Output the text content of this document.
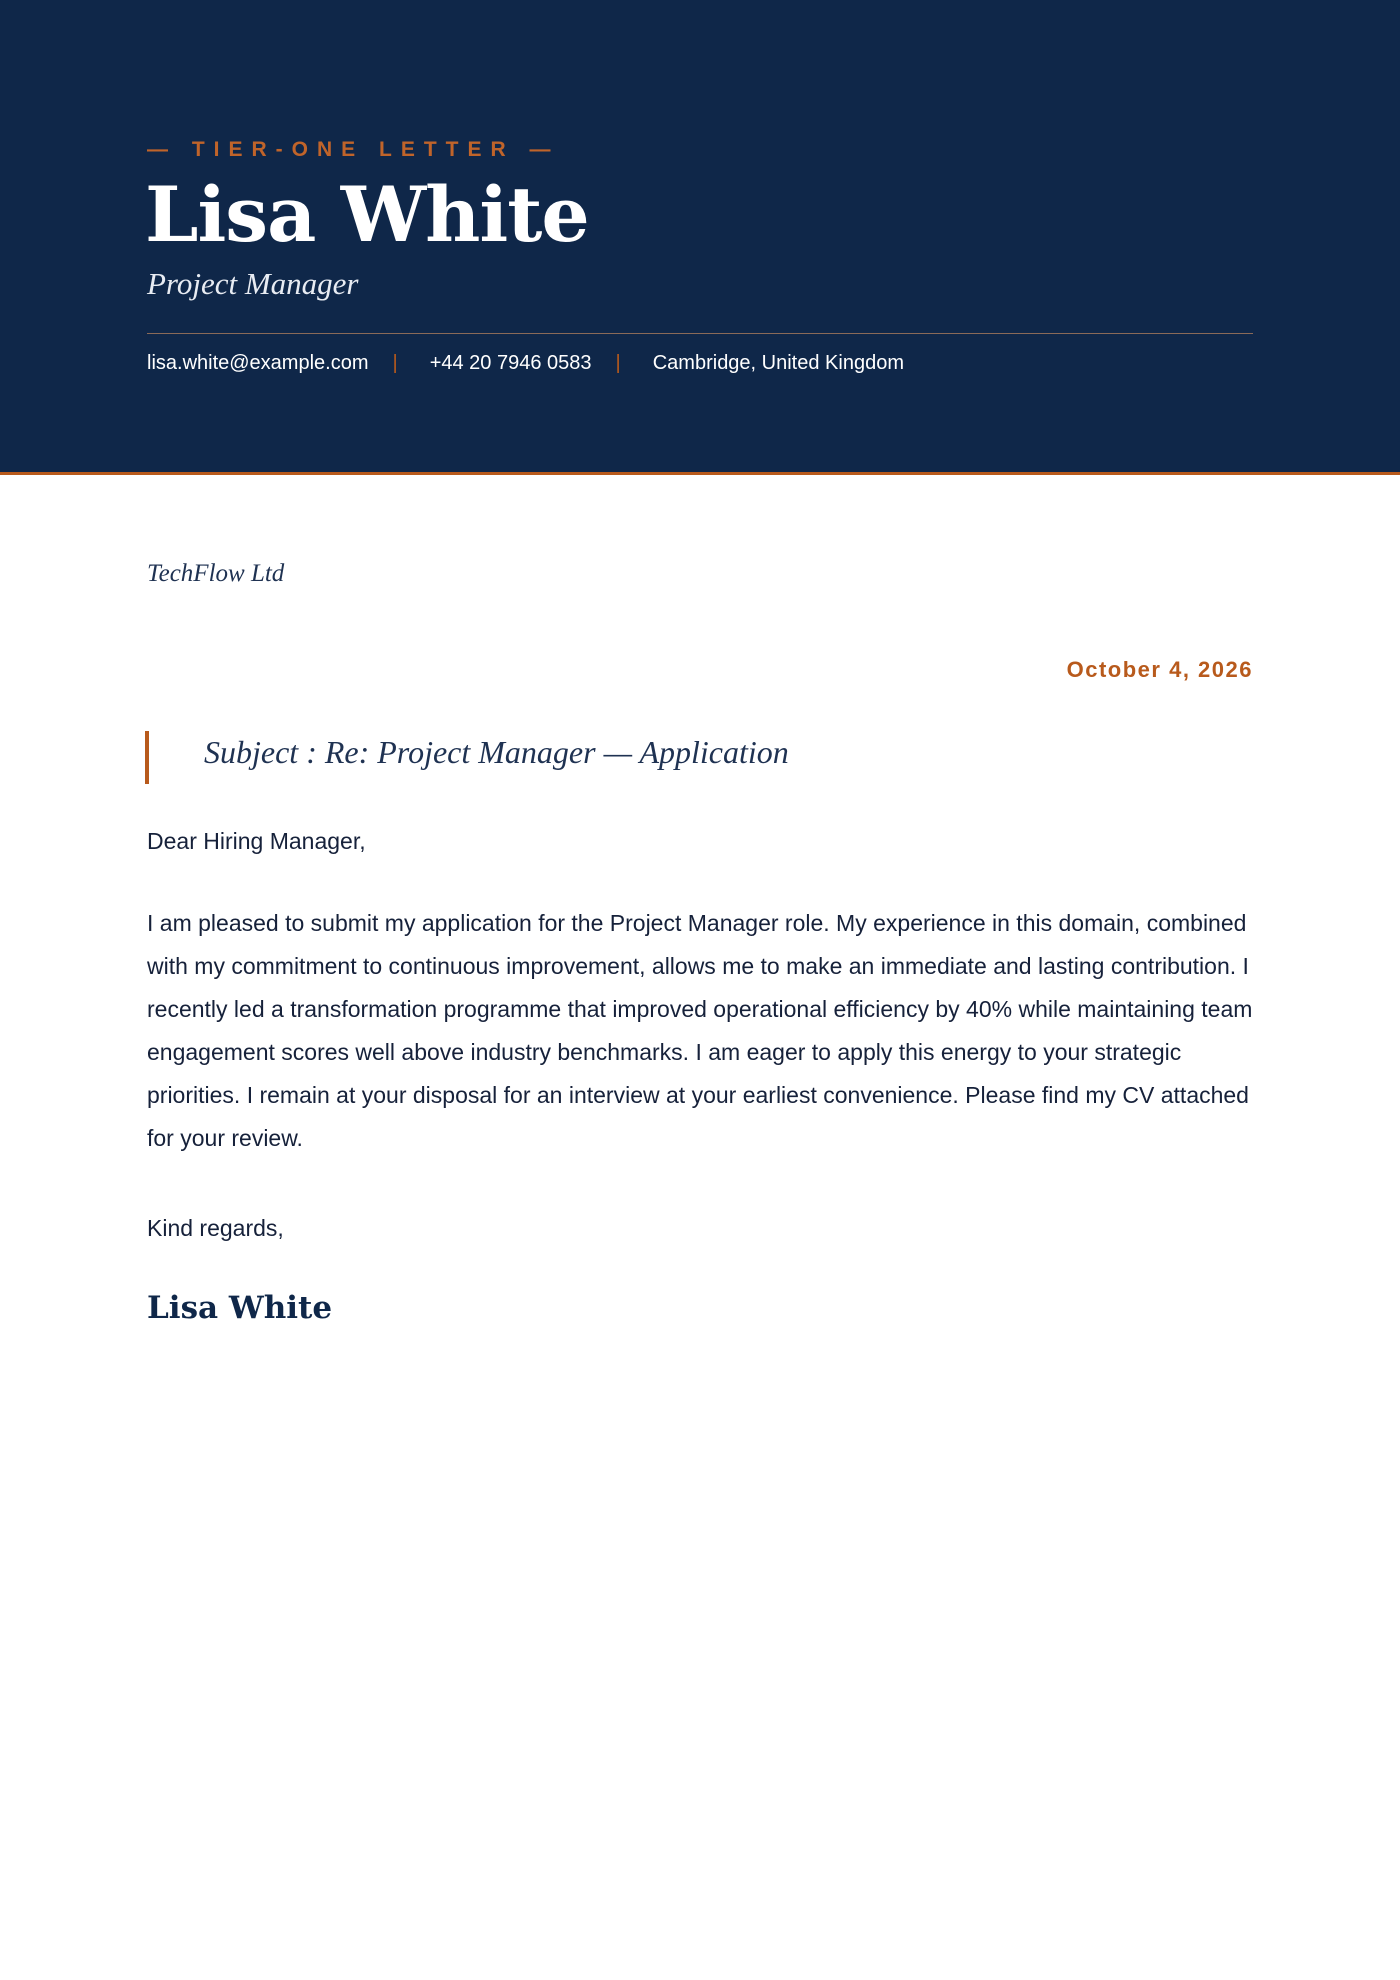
— TIER-ONE LETTER —
Lisa White
Project Manager
lisa.white@example.com | +44 20 7946 0583 | Cambridge, United Kingdom
TechFlow Ltd
October 4, 2026
Subject : Re: Project Manager — Application
Dear Hiring Manager,
I am pleased to submit my application for the Project Manager role. My experience in this domain, combined with my commitment to continuous improvement, allows me to make an immediate and lasting contribution. I recently led a transformation programme that improved operational efficiency by 40% while maintaining team engagement scores well above industry benchmarks. I am eager to apply this energy to your strategic priorities. I remain at your disposal for an interview at your earliest convenience. Please find my CV attached for your review.
Kind regards,
Lisa White
